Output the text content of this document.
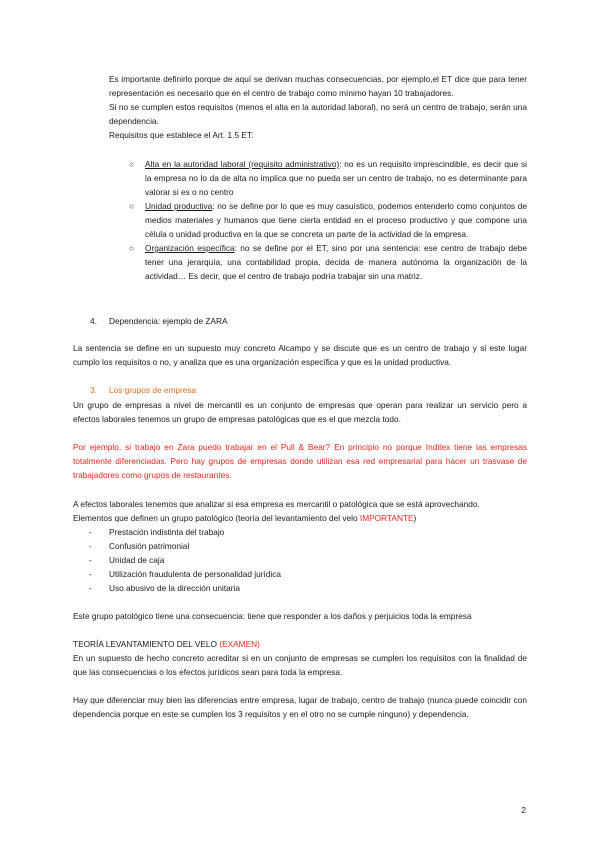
Es importante definirlo porque de aquí se derivan muchas consecuencias, por ejemplo,el ET dice que para tener representación es necesario que en el centro de trabajo como mínimo hayan 10 trabajadores.

Si no se cumplen estos requisitos (menos el alta en la autoridad laboral), no será un centro de trabajo, serán una dependencia.

Requisitos que establece el Art. 1.5 ET:

○ Alta en la autoridad laboral (requisito administrativo): no es un requisito imprescindible, es decir que si la empresa no lo da de alta no implica que no pueda ser un centro de trabajo, no es determinante para valorar si es o no centro
○ Unidad productiva: no se define por lo que es muy casuístico, podemos entenderlo como conjuntos de medios materiales y humanos que tiene cierta entidad en el proceso productivo y que compone una célula o unidad productiva en la que se concreta un parte de la actividad de la empresa.
○ Organización específica: no se define por el ET, sino por una sentencia: ese centro de trabajo debe tener una jerarquía, una contabilidad propia, decida de manera autónoma la organización de la actividad… Es decir, que el centro de trabajo podría trabajar sin una matriz.
4. Dependencia: ejemplo de ZARA

La sentencia se define en un supuesto muy concreto Alcampo y se discute que es un centro de trabajo y si este lugar cumplo los requisitos o no, y analiza que es una organización específica y que es la unidad productiva.

3. Los grupos de empresa

Un grupo de empresas a nivel de mercantil es un conjunto de empresas que operan para realizar un servicio pero a efectos laborales tenemos un grupo de empresas patológicas que es el que mezcla todo.

Por ejemplo, si trabajo en Zara puedo trabajar en el Pull & Bear? En principio no porque Inditex tiene las empresas totalmente diferenciadas. Pero hay grupos de empresas donde utilizan esa red empresarial para hacer un trasvase de trabajadores como grupos de restaurantes.

A efectos laborales tenemos que analizar si esa empresa es mercantil o patológica que se está aprovechando.

Elementos que definen un grupo patológico (teoría del levantamiento del velo IMPORTANTE)

- Prestación indistinta del trabajo
- Confusión patrimonial
- Unidad de caja
- Utilización fraudulenta de personalidad jurídica
- Uso abusivo de la dirección unitaria

Este grupo patológico tiene una consecuencia: tiene que responder a los daños y perjuicios toda la empresa

TEORÍA LEVANTAMIENTO DEL VELO (EXAMEN)

En un supuesto de hecho concreto acreditar si en un conjunto de empresas se cumplen los requisitos con la finalidad de que las consecuencias o los efectos jurídicos sean para toda la empresa.

Hay que diferenciar muy bien las diferencias entre empresa, lugar de trabajo, centro de trabajo (nunca puede coincidir con dependencia porque en este se cumplen los 3 requisitos y en el otro no se cumple ninguno) y dependencia.

2
